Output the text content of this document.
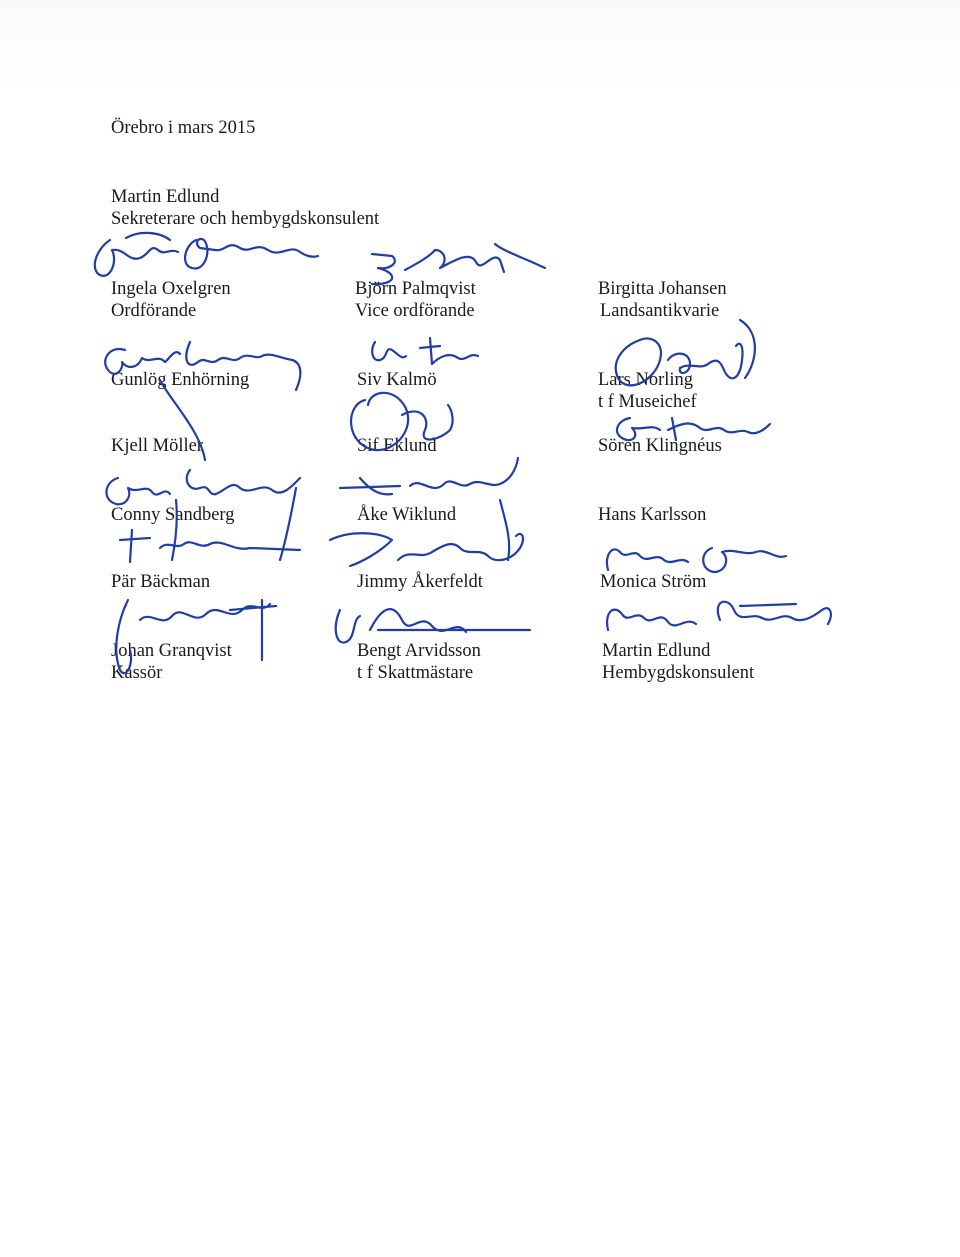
Örebro i mars 2015
Martin Edlund
Sekreterare och hembygdskonsulent
Ingela Oxelgren
Ordförande
Gunlög Enhörning
Kjell Möller
Conny Sandberg
Pär Bäckman
Johan Granqvist
Kassör
Björn Palmqvist
Vice ordförande
Siv Kalmö
Sif Eklund
Åke Wiklund
Jimmy Åkerfeldt
Bengt Arvidsson
t f Skattmästare
Birgitta Johansen
Landsantikvarie
Lars Norling
t f Museichef
Sören Klingnéus
Hans Karlsson
Monica Ström
Martin Edlund
Hembygdskonsulent
